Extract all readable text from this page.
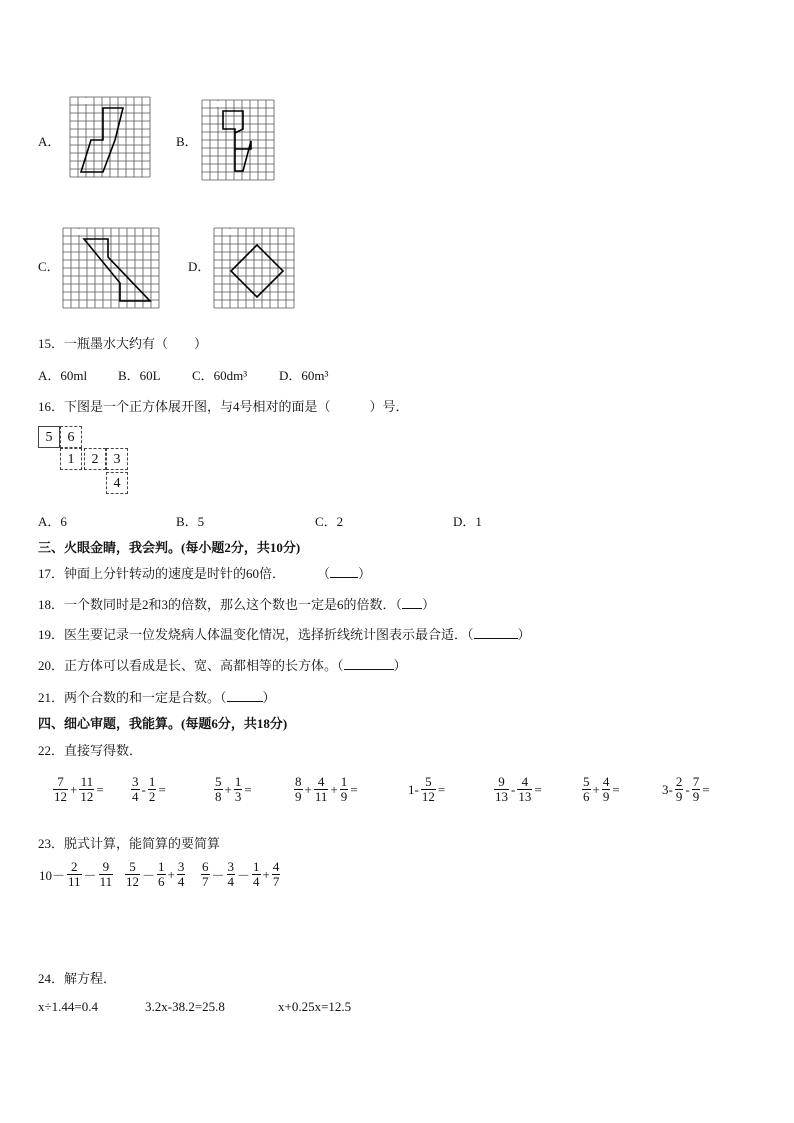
A．	B．
C．	D．
15．一瓶墨水大约有（　　）
A．60ml B．60L C．60dm³ D．60m³
16．下图是一个正方体展开图，与4号相对的面是（　　　）号．
5	6
1	2	3
4
A．6	B．5	C．2	D．1
三、火眼金睛，我会判。(每小题2分，共10分)
17．钟面上分针转动的速度是时针的60倍． （ ）
18．一个数同时是2和3的倍数，那么这个数也一定是6的倍数．（ ）
19．医生要记录一位发烧病人体温变化情况，选择折线统计图表示最合适．（	）
20．正方体可以看成是长、宽、高都相等的长方体。（	）
21．两个合数的和一定是合数。（	）
四、细心审题，我能算。(每题6分，共18分)
22．直接写得数．
$\frac{7}{12} + \frac{11}{12} = \frac{3}{4} - \frac{1}{2}$ =	$\frac{5}{8} + \frac{1}{3}$ =	$\frac{8}{9} + \frac{4}{11} + \frac{1}{9}$ =	$1- \frac{5}{12}$ =	$\frac{9}{13} - \frac{4}{13}$ =	$\frac{5}{6} + \frac{4}{9}$ =	$3- \frac{2}{9} - \frac{7}{9}$ =
23．脱式计算，能简算的要简算
$10- \frac{2}{11} - \frac{9}{11} \frac{5}{12} - \frac{1}{6} + \frac{3}{4} \frac{6}{7} - \frac{3}{4} - \frac{1}{4} + \frac{4}{7}$
24．解方程．
x÷1.44=0.4	3.2x-38.2=25.8	x+0.25x=12.5
